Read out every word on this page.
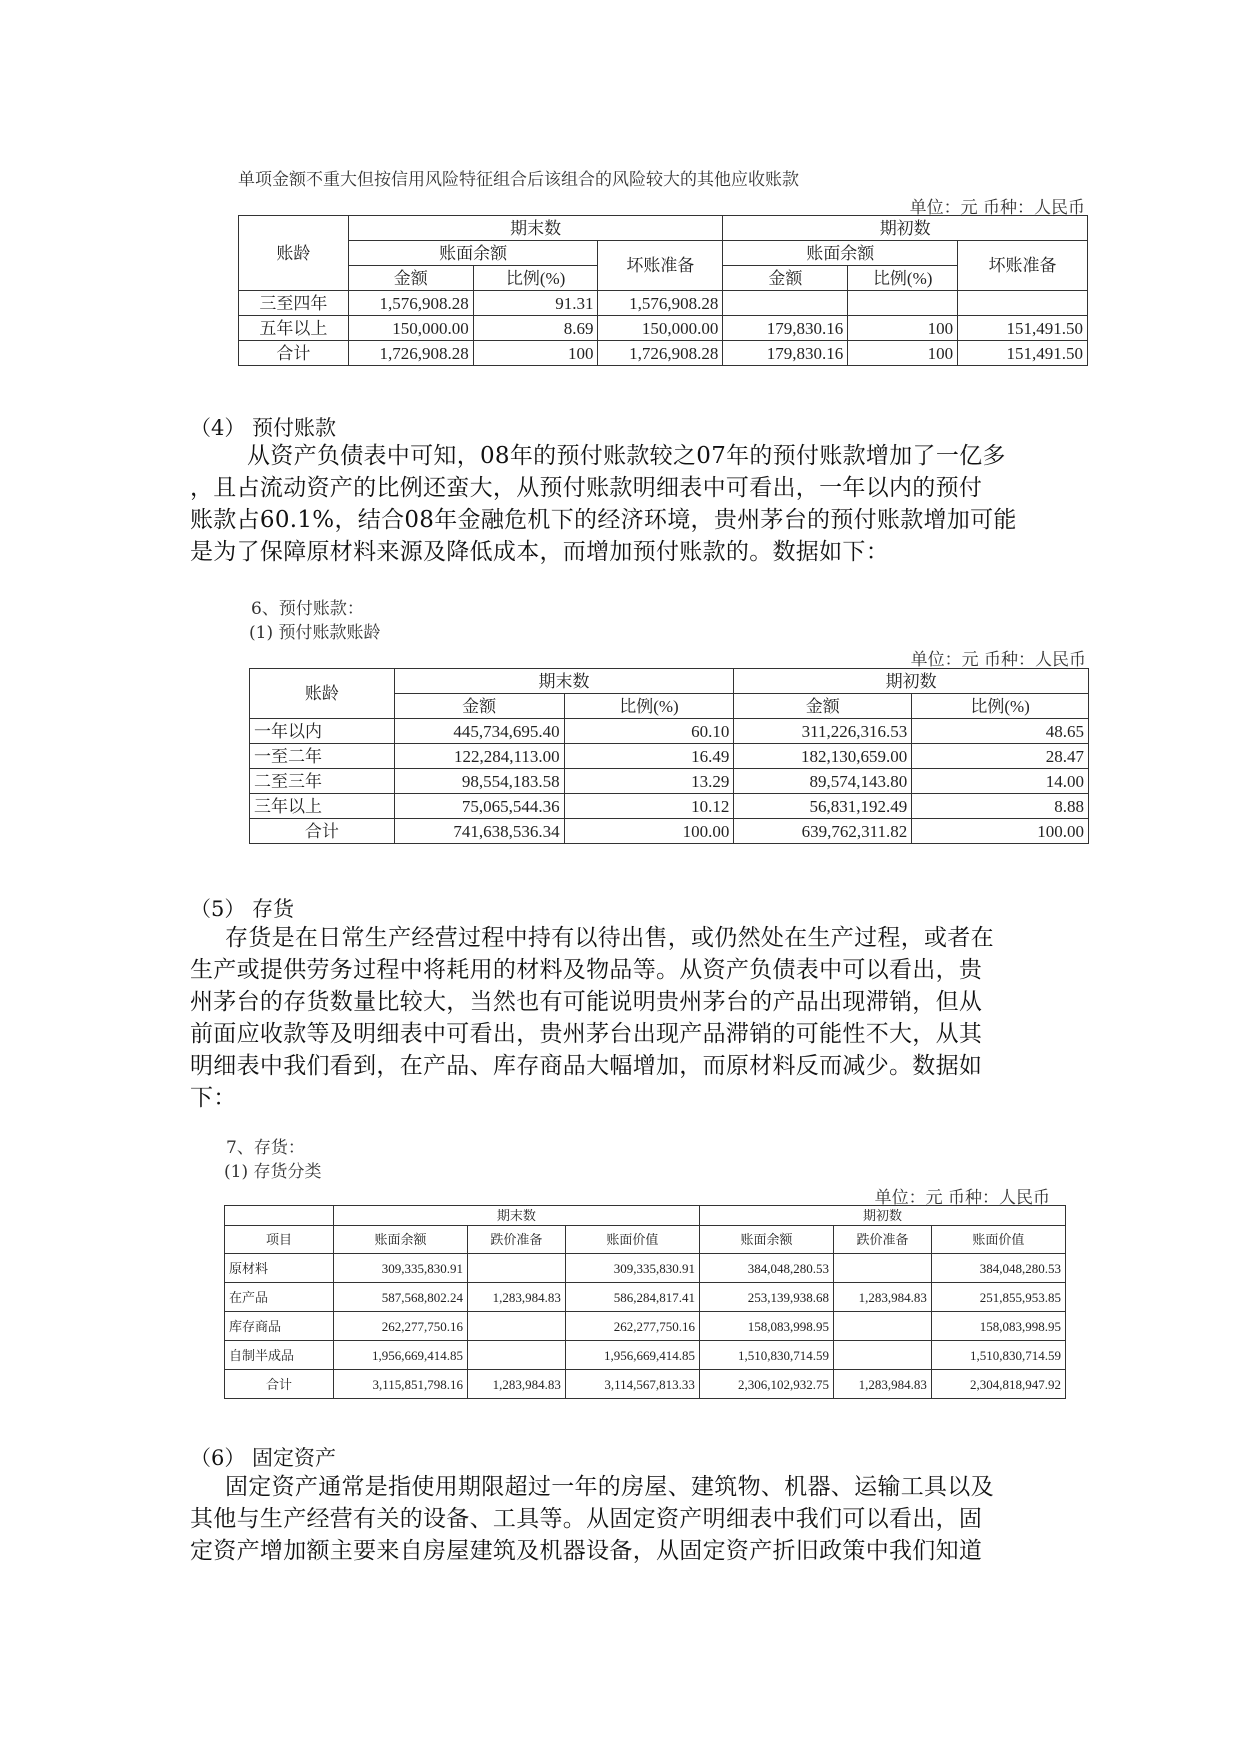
单项金额不重大但按信用风险特征组合后该组合的风险较大的其他应收账款
单位：元 币种：人民币
账龄	期末数			期初数		
	账面余额		坏账准备	账面余额		坏账准备
	金额	比例(%)		金额	比例(%)	
三至四年	1,576,908.28	91.31	1,576,908.28			
五年以上	150,000.00	8.69	150,000.00	179,830.16	100	151,491.50
合计	1,726,908.28	100	1,726,908.28	179,830.16	100	151,491.50
（4） 预付账款

从资产负债表中可知，08年的预付账款较之07年的预付账款增加了一亿多

，且占流动资产的比例还蛮大，从预付账款明细表中可看出，一年以内的预付

账款占60.1%，结合08年金融危机下的经济环境，贵州茅台的预付账款增加可能

是为了保障原材料来源及降低成本，而增加预付账款的。数据如下：

6、预付账款：
(1) 预付账款账龄
单位：元 币种：人民币
账龄	期末数		期初数	
	金额	比例(%)	金额	比例(%)
一年以内	445,734,695.40	60.10	311,226,316.53	48.65
一至二年	122,284,113.00	16.49	182,130,659.00	28.47
二至三年	98,554,183.58	13.29	89,574,143.80	14.00
三年以上	75,065,544.36	10.12	56,831,192.49	8.88
合计	741,638,536.34	100.00	639,762,311.82	100.00
（5） 存货

存货是在日常生产经营过程中持有以待出售，或仍然处在生产过程，或者在

生产或提供劳务过程中将耗用的材料及物品等。从资产负债表中可以看出，贵

州茅台的存货数量比较大，当然也有可能说明贵州茅台的产品出现滞销，但从

前面应收款等及明细表中可看出，贵州茅台出现产品滞销的可能性不大，从其

明细表中我们看到，在产品、库存商品大幅增加，而原材料反而减少。数据如

下：

7、存货：
(1) 存货分类
单位：元 币种：人民币
	期末数			期初数		
项目	账面余额	跌价准备	账面价值	账面余额	跌价准备	账面价值
原材料	309,335,830.91		309,335,830.91	384,048,280.53		384,048,280.53
在产品	587,568,802.24	1,283,984.83	586,284,817.41	253,139,938.68	1,283,984.83	251,855,953.85
库存商品	262,277,750.16		262,277,750.16	158,083,998.95		158,083,998.95
自制半成品	1,956,669,414.85		1,956,669,414.85	1,510,830,714.59		1,510,830,714.59
合计	3,115,851,798.16	1,283,984.83	3,114,567,813.33	2,306,102,932.75	1,283,984.83	2,304,818,947.92
（6） 固定资产

固定资产通常是指使用期限超过一年的房屋、建筑物、机器、运输工具以及

其他与生产经营有关的设备、工具等。从固定资产明细表中我们可以看出，固

定资产增加额主要来自房屋建筑及机器设备，从固定资产折旧政策中我们知道
